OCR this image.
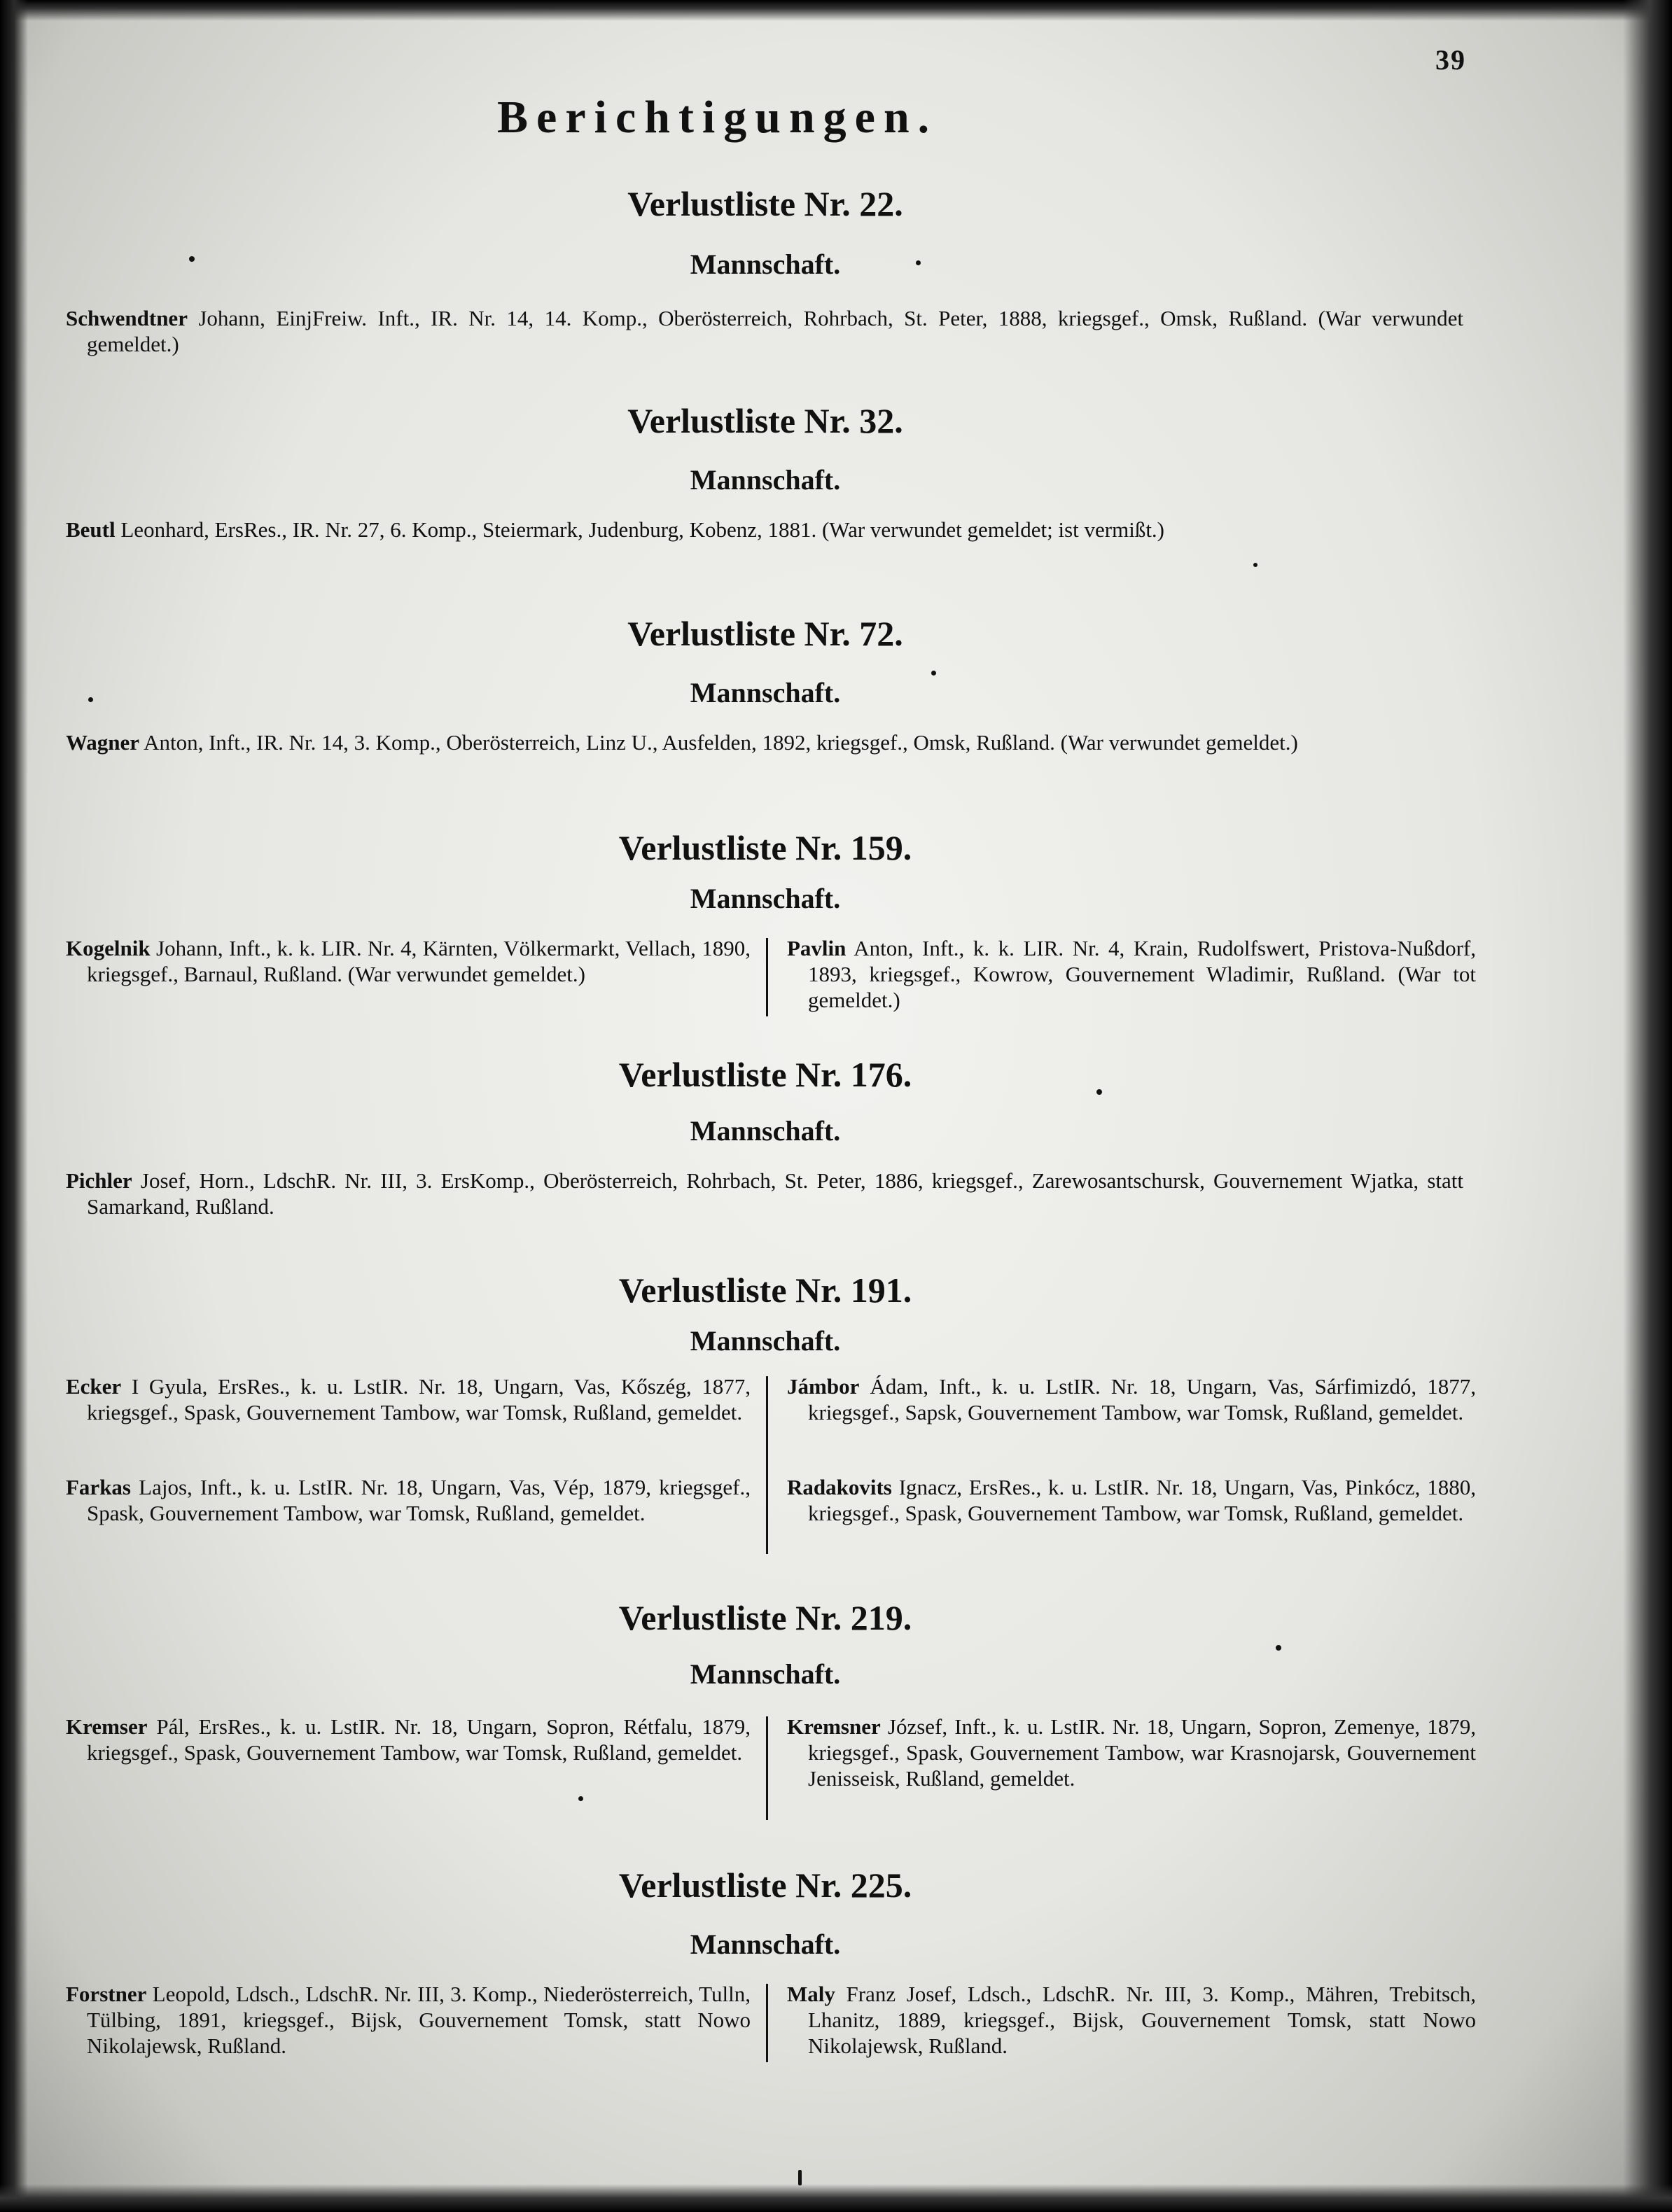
39
Berichtigungen.
Verlustliste Nr. 22.
Mannschaft.
Schwendtner Johann, EinjFreiw. Inft., IR. Nr. 14, 14. Komp., Oberösterreich, Rohrbach, St. Peter, 1888, kriegsgef., Omsk, Rußland. (War verwundet gemeldet.)
Verlustliste Nr. 32.
Mannschaft.
Beutl Leonhard, ErsRes., IR. Nr. 27, 6. Komp., Steiermark, Judenburg, Kobenz, 1881. (War verwundet gemeldet; ist vermißt.)
Verlustliste Nr. 72.
Mannschaft.
Wagner Anton, Inft., IR. Nr. 14, 3. Komp., Oberösterreich, Linz U., Ausfelden, 1892, kriegsgef., Omsk, Rußland. (War verwundet gemeldet.)
Verlustliste Nr. 159.
Mannschaft.
Kogelnik Johann, Inft., k. k. LIR. Nr. 4, Kärnten, Völkermarkt, Vellach, 1890, kriegsgef., Barnaul, Rußland. (War verwundet gemeldet.)
Pavlin Anton, Inft., k. k. LIR. Nr. 4, Krain, Rudolfswert, Pristova-Nußdorf, 1893, kriegsgef., Kowrow, Gouvernement Wladimir, Rußland. (War tot gemeldet.)
Verlustliste Nr. 176.
Mannschaft.
Pichler Josef, Horn., LdschR. Nr. III, 3. ErsKomp., Oberösterreich, Rohrbach, St. Peter, 1886, kriegsgef., Zarewosantschursk, Gouvernement Wjatka, statt Samarkand, Rußland.
Verlustliste Nr. 191.
Mannschaft.
Ecker I Gyula, ErsRes., k. u. LstIR. Nr. 18, Ungarn, Vas, Kőszég, 1877, kriegsgef., Spask, Gouvernement Tambow, war Tomsk, Rußland, gemeldet.
Jámbor Ádam, Inft., k. u. LstIR. Nr. 18, Ungarn, Vas, Sárfimizdó, 1877, kriegsgef., Sapsk, Gouvernement Tambow, war Tomsk, Rußland, gemeldet.
Farkas Lajos, Inft., k. u. LstIR. Nr. 18, Ungarn, Vas, Vép, 1879, kriegsgef., Spask, Gouvernement Tambow, war Tomsk, Rußland, gemeldet.
Radakovits Ignacz, ErsRes., k. u. LstIR. Nr. 18, Ungarn, Vas, Pinkócz, 1880, kriegsgef., Spask, Gouvernement Tambow, war Tomsk, Rußland, gemeldet.
Verlustliste Nr. 219.
Mannschaft.
Kremser Pál, ErsRes., k. u. LstIR. Nr. 18, Ungarn, Sopron, Rétfalu, 1879, kriegsgef., Spask, Gouvernement Tambow, war Tomsk, Rußland, gemeldet.
Kremsner József, Inft., k. u. LstIR. Nr. 18, Ungarn, Sopron, Zemenye, 1879, kriegsgef., Spask, Gouvernement Tambow, war Krasnojarsk, Gouvernement Jenisseisk, Rußland, gemeldet.
Verlustliste Nr. 225.
Mannschaft.
Forstner Leopold, Ldsch., LdschR. Nr. III, 3. Komp., Niederösterreich, Tulln, Tülbing, 1891, kriegsgef., Bijsk, Gouvernement Tomsk, statt Nowo Nikolajewsk, Rußland.
Maly Franz Josef, Ldsch., LdschR. Nr. III, 3. Komp., Mähren, Trebitsch, Lhanitz, 1889, kriegsgef., Bijsk, Gouvernement Tomsk, statt Nowo Nikolajewsk, Rußland.
